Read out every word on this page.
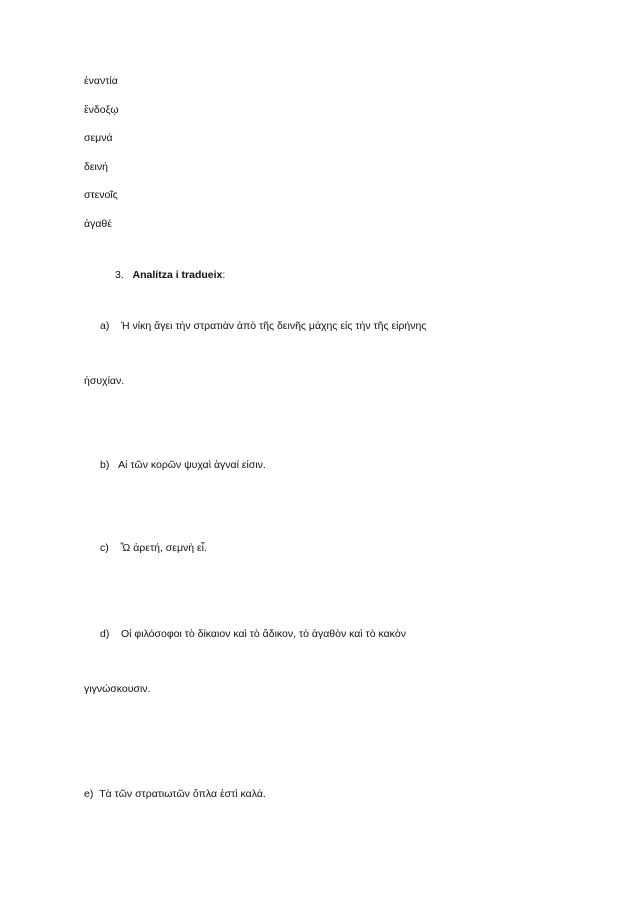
ἐναντία
ἔνδοξῳ
σεμνά
δεινή
στενοῖς
ἀγαθέ
3. Analitza i tradueix:
a) Ἡ νίκη ἄγει τὴν στρατιὰν ἀπὸ τῆς δεινῆς μάχης εἰς τὴν τῆς εἰρήνης
ἡσυχίαν.
b) Αἱ τῶν κορῶν ψυχαὶ ἁγναί εἰσιν.
c) Ὦ ἀρετή, σεμνὴ εἶ.
d) Οἱ φιλόσοφοι τὸ δίκαιον καὶ τὸ ἄδικον, τὸ ἀγαθὸν καὶ τὸ κακὸν
γιγνώσκουσιν.
e) Τὰ τῶν στρατιωτῶν ὅπλα ἐστὶ καλά.
